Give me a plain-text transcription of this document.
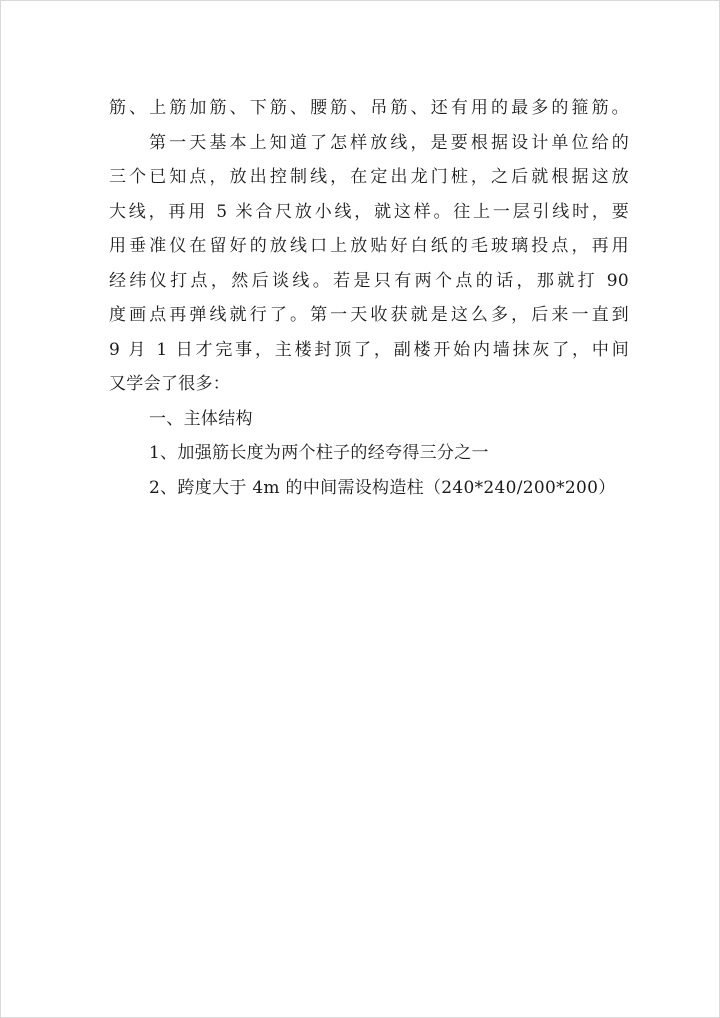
筋、上筋加筋、下筋、腰筋、吊筋、还有用的最多的箍筋。
第一天基本上知道了怎样放线，是要根据设计单位给的
三个已知点，放出控制线，在定出龙门桩，之后就根据这放
大线，再用 5 米合尺放小线，就这样。往上一层引线时，要
用垂准仪在留好的放线口上放贴好白纸的毛玻璃投点，再用
经纬仪打点，然后谈线。若是只有两个点的话，那就打 90
度画点再弹线就行了。第一天收获就是这么多，后来一直到
9 月 1 日才完事，主楼封顶了，副楼开始内墙抹灰了，中间
又学会了很多：
一、主体结构
1、加强筋长度为两个柱子的经夸得三分之一
2、跨度大于 4m 的中间需设构造柱（240*240/200*200）
